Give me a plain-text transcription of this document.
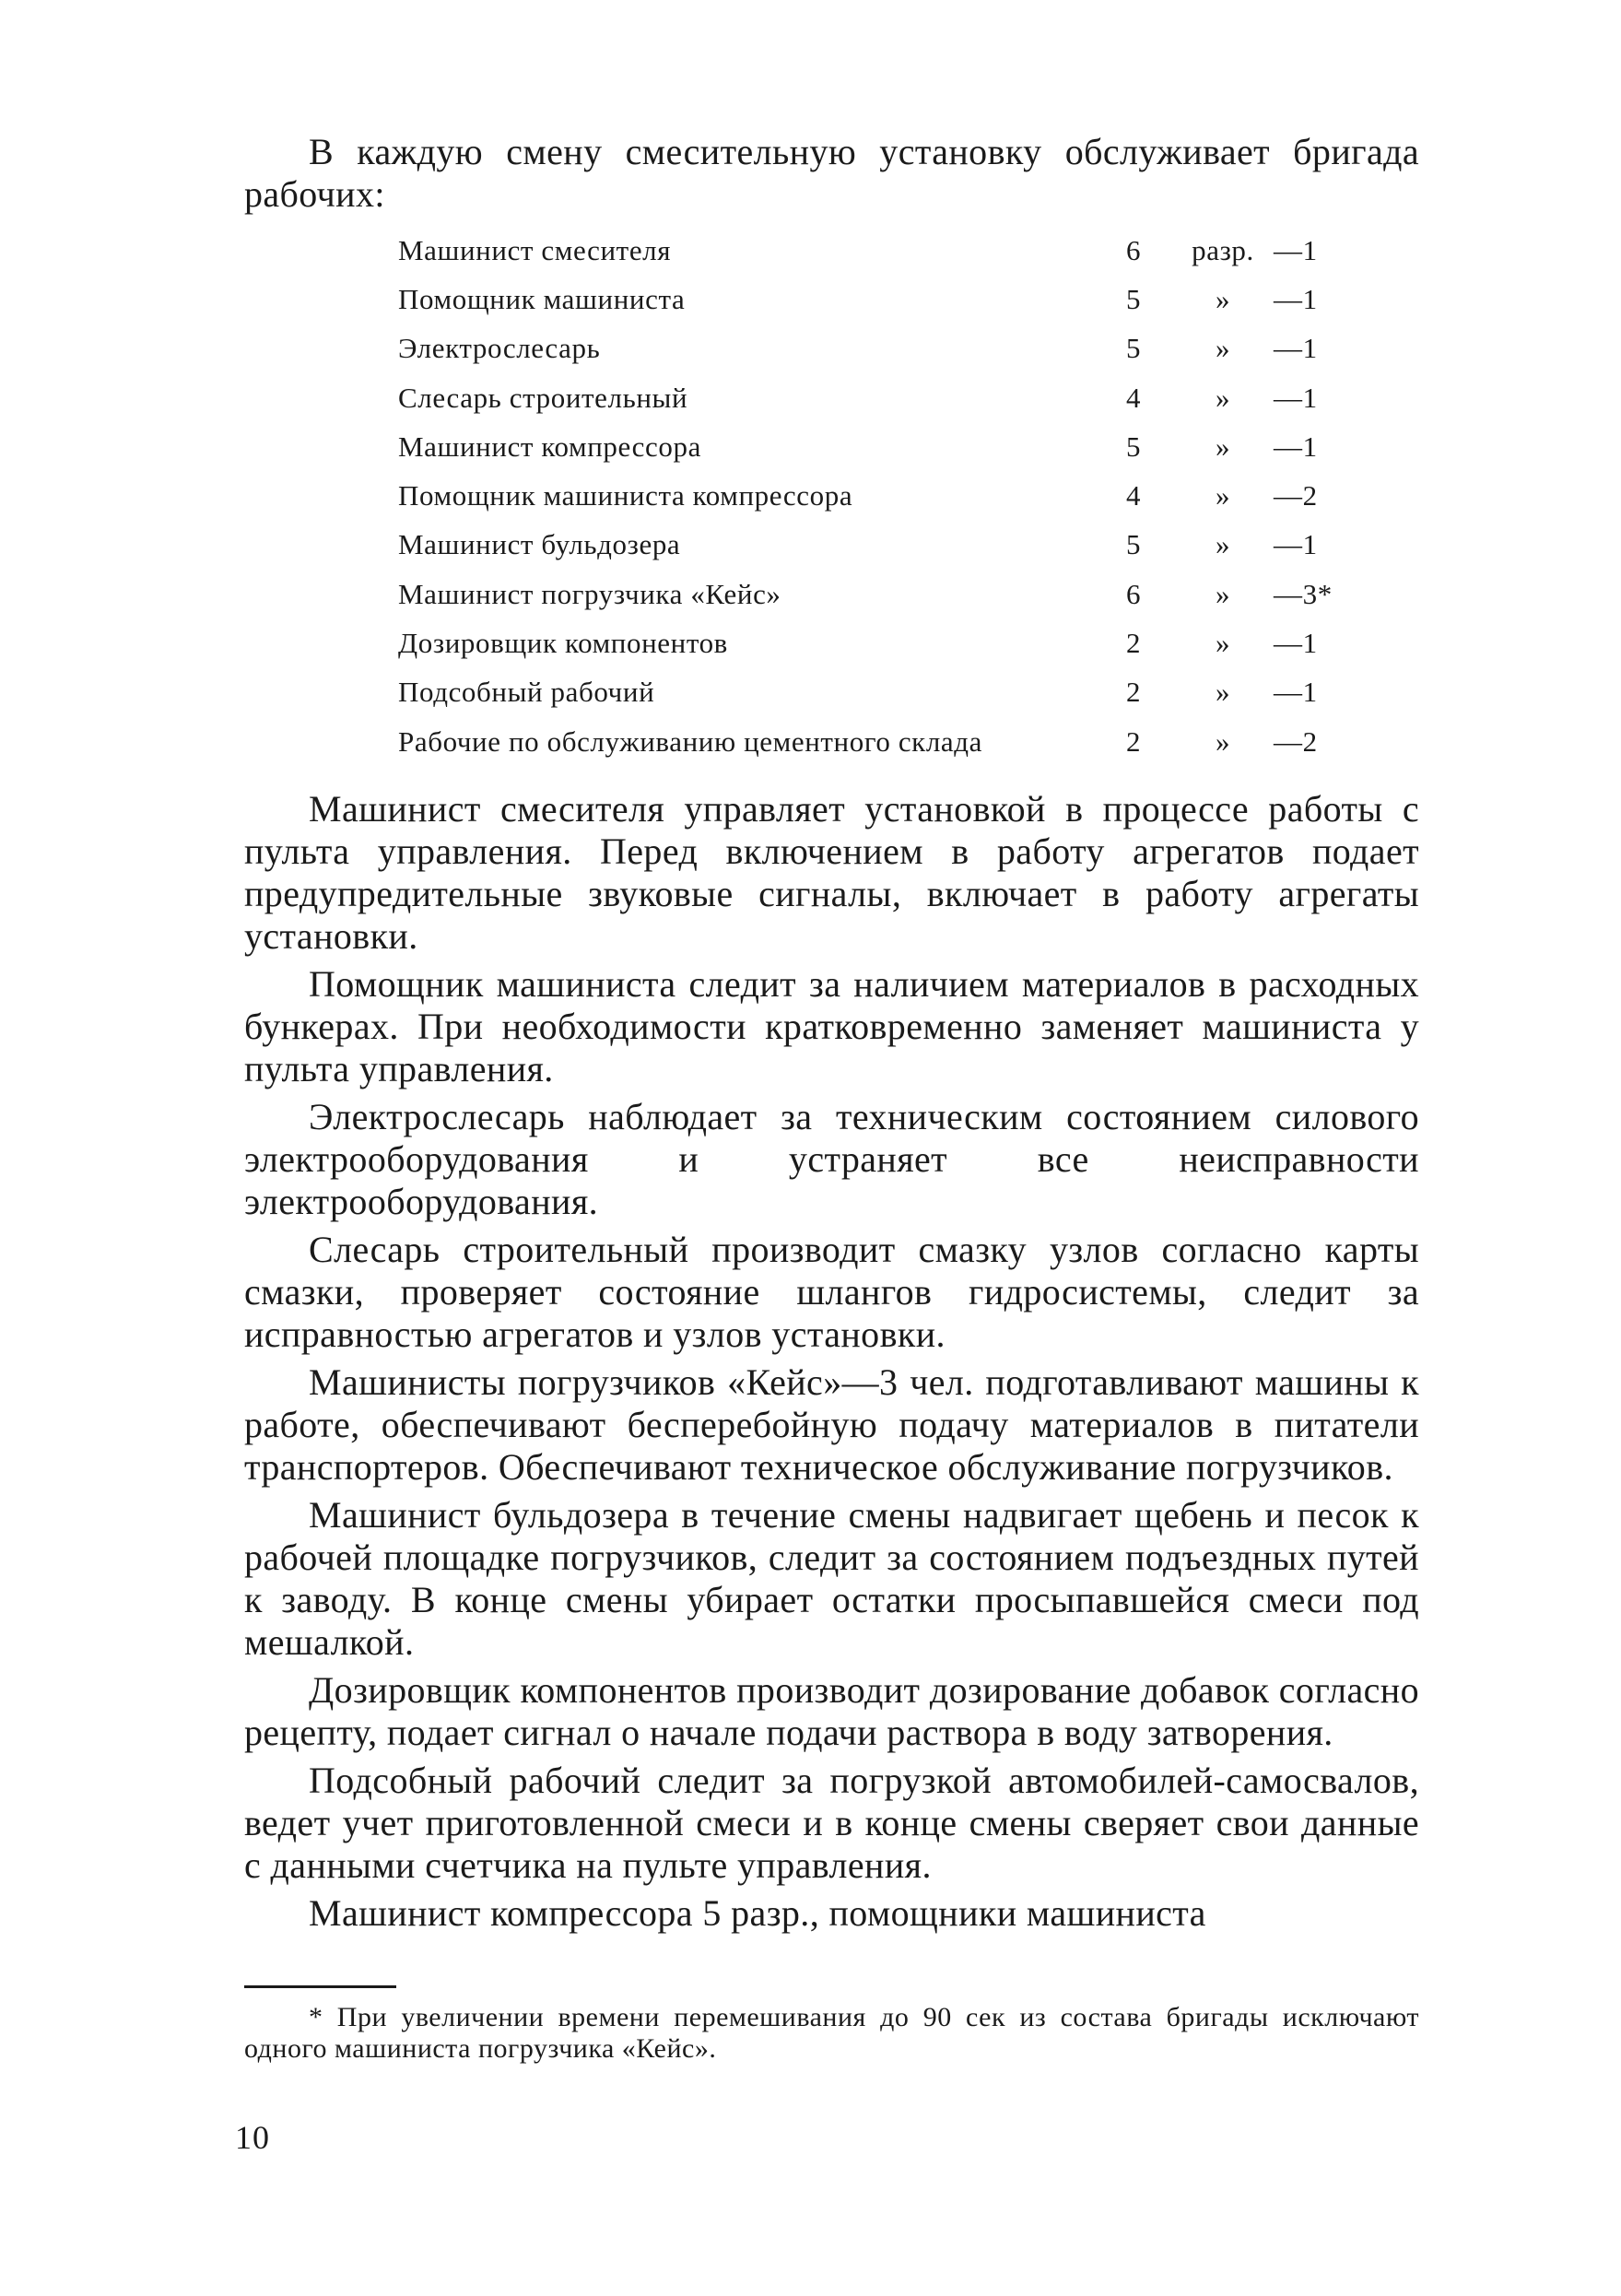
В каждую смену смесительную установку обслуживает бригада рабочих:
Машинист смесителя	6	разр.	—1
Помощник машиниста	5	»	—1
Электрослесарь	5	»	—1
Слесарь строительный	4	»	—1
Машинист компрессора	5	»	—1
Помощник машиниста компрессора	4	»	—2
Машинист бульдозера	5	»	—1
Машинист погрузчика «Кейс»	6	»	—3*
Дозировщик компонентов	2	»	—1
Подсобный рабочий	2	»	—1
Рабочие по обслуживанию цементного склада	2	»	—2

Машинист смесителя управляет установкой в процессе работы с пульта управления. Перед включением в работу агрегатов подает предупредительные звуковые сигналы, включает в работу агрегаты установки.

Помощник машиниста следит за наличием материалов в расходных бункерах. При необходимости кратковременно заменяет машиниста у пульта управления.

Электрослесарь наблюдает за техническим состоянием силового электрооборудования и устраняет все неисправности электрооборудования.

Слесарь строительный производит смазку узлов согласно карты смазки, проверяет состояние шлангов гидросистемы, следит за исправностью агрегатов и узлов установки.

Машинисты погрузчиков «Кейс»—3 чел. подготавливают машины к работе, обеспечивают бесперебойную подачу материалов в питатели транспортеров. Обеспечивают техническое обслуживание погрузчиков.

Машинист бульдозера в течение смены надвигает щебень и песок к рабочей площадке погрузчиков, следит за состоянием подъездных путей к заводу. В конце смены убирает остатки просыпавшейся смеси под мешалкой.

Дозировщик компонентов производит дозирование добавок согласно рецепту, подает сигнал о начале подачи раствора в воду затворения.

Подсобный рабочий следит за погрузкой автомобилей-самосвалов, ведет учет приготовленной смеси и в конце смены сверяет свои данные с данными счетчика на пульте управления.

Машинист компрессора 5 разр., помощники машиниста

* При увеличении времени перемешивания до 90 сек из состава бригады исключают одного машиниста погрузчика «Кейс».
10
